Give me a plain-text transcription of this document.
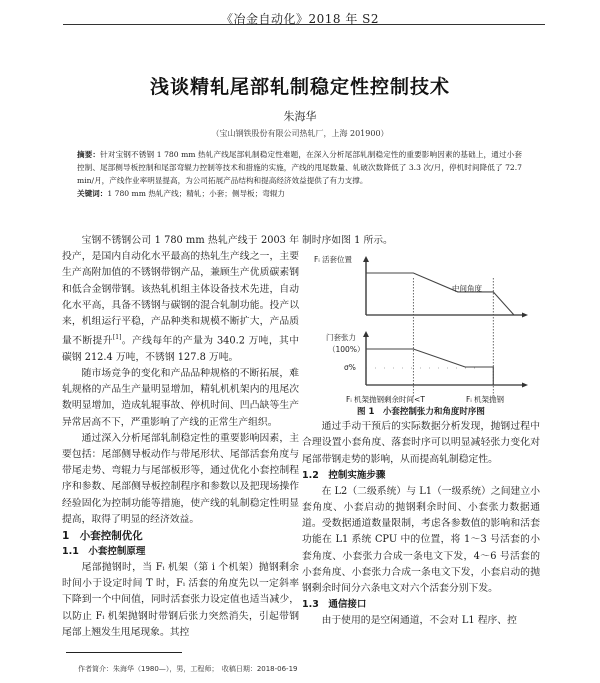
《冶金自动化》2018 年 S2
浅谈精轧尾部轧制稳定性控制技术
朱海华
（宝山钢铁股份有限公司热轧厂，上海 201900）
摘要：针对宝钢不锈钢 1 780 mm 热轧产线尾部轧制稳定性难题，在深入分析尾部轧制稳定性的重要影响因素的基础上，通过小套控制、尾部侧导板控制和尾部弯辊力控制等技术和措施的实施，产线的甩尾数量、轧破次数降低了 3.3 次/月，停机时间降低了 72.7 min/月，产线作业率明显提高，为公司拓展产品结构和提高经济效益提供了有力支撑。
关键词：1 780 mm 热轧产线；精轧；小套；侧导板；弯辊力

宝钢不锈钢公司 1 780 mm 热轧产线于 2003 年投产，是国内自动化水平最高的热轧生产线之一，主要生产高附加值的不锈钢带钢产品，兼顾生产优质碳素钢和低合金钢带钢。该热轧机组主体设备技术先进，自动化水平高，具备不锈钢与碳钢的混合轧制功能。投产以来，机组运行平稳，产品种类和规模不断扩大，产品质量不断提升[1]。产线每年的产量为 340.2 万吨，其中碳钢 212.4 万吨，不锈钢 127.8 万吨。

随市场竞争的变化和产品品种规格的不断拓展，难轧规格的产品生产量明显增加，精轧机机架内的甩尾次数明显增加，造成轧辊事故、停机时间、凹凸缺等生产异常居高不下，严重影响了产线的正常生产组织。

通过深入分析尾部轧制稳定性的重要影响因素，主要包括：尾部侧导板动作与带尾形状、尾部活套角度与带尾走势、弯辊力与尾部板形等，通过优化小套控制程序和参数、尾部侧导板控制程序和参数以及把现场操作经验固化为控制功能等措施，使产线的轧制稳定性明显提高，取得了明显的经济效益。

1　小套控制优化
1.1　小套控制原理

尾部抛钢时，当 Fᵢ 机架（第 i 个机架）抛钢剩余时间小于设定时间 T 时，Fᵢ 活套的角度先以一定斜率下降到一个中间值，同时活套张力设定值也适当减少，以防止 Fᵢ 机架抛钢时带钢后张力突然消失，引起带钢尾部上翘发生甩尾现象。其控

制时序如图 1 所示。

通过手动干预后的实际数据分析发现，抛钢过程中合理设置小套角度、落套时序可以明显减轻张力变化对尾部带钢走势的影响，从而提高轧制稳定性。

1.2　控制实施步骤

在 L2（二级系统）与 L1（一级系统）之间建立小套角度、小套启动的抛钢剩余时间、小套张力数据通道。受数据通道数量限制，考虑各参数值的影响和活套功能在 L1 系统 CPU 中的位置，将 1～3 号活套的小套角度、小套张力合成一条电文下发，4～6 号活套的小套角度、小套张力合成一条电文下发，小套启动的抛钢剩余时间分六条电文对六个活套分别下发。

1.3　通信接口

由于使用的是空闲通道，不会对 L1 程序、控

Fᵢ 活套位置
中间角度
门套张力
（100%）
σ%
Fᵢ 机架抛钢剩余时间<T	Fᵢ 机架抛钢
图 1　小套控制张力和角度时序图
作者简介：朱海华（1980—），男，工程师；　收稿日期：2018-06-19
